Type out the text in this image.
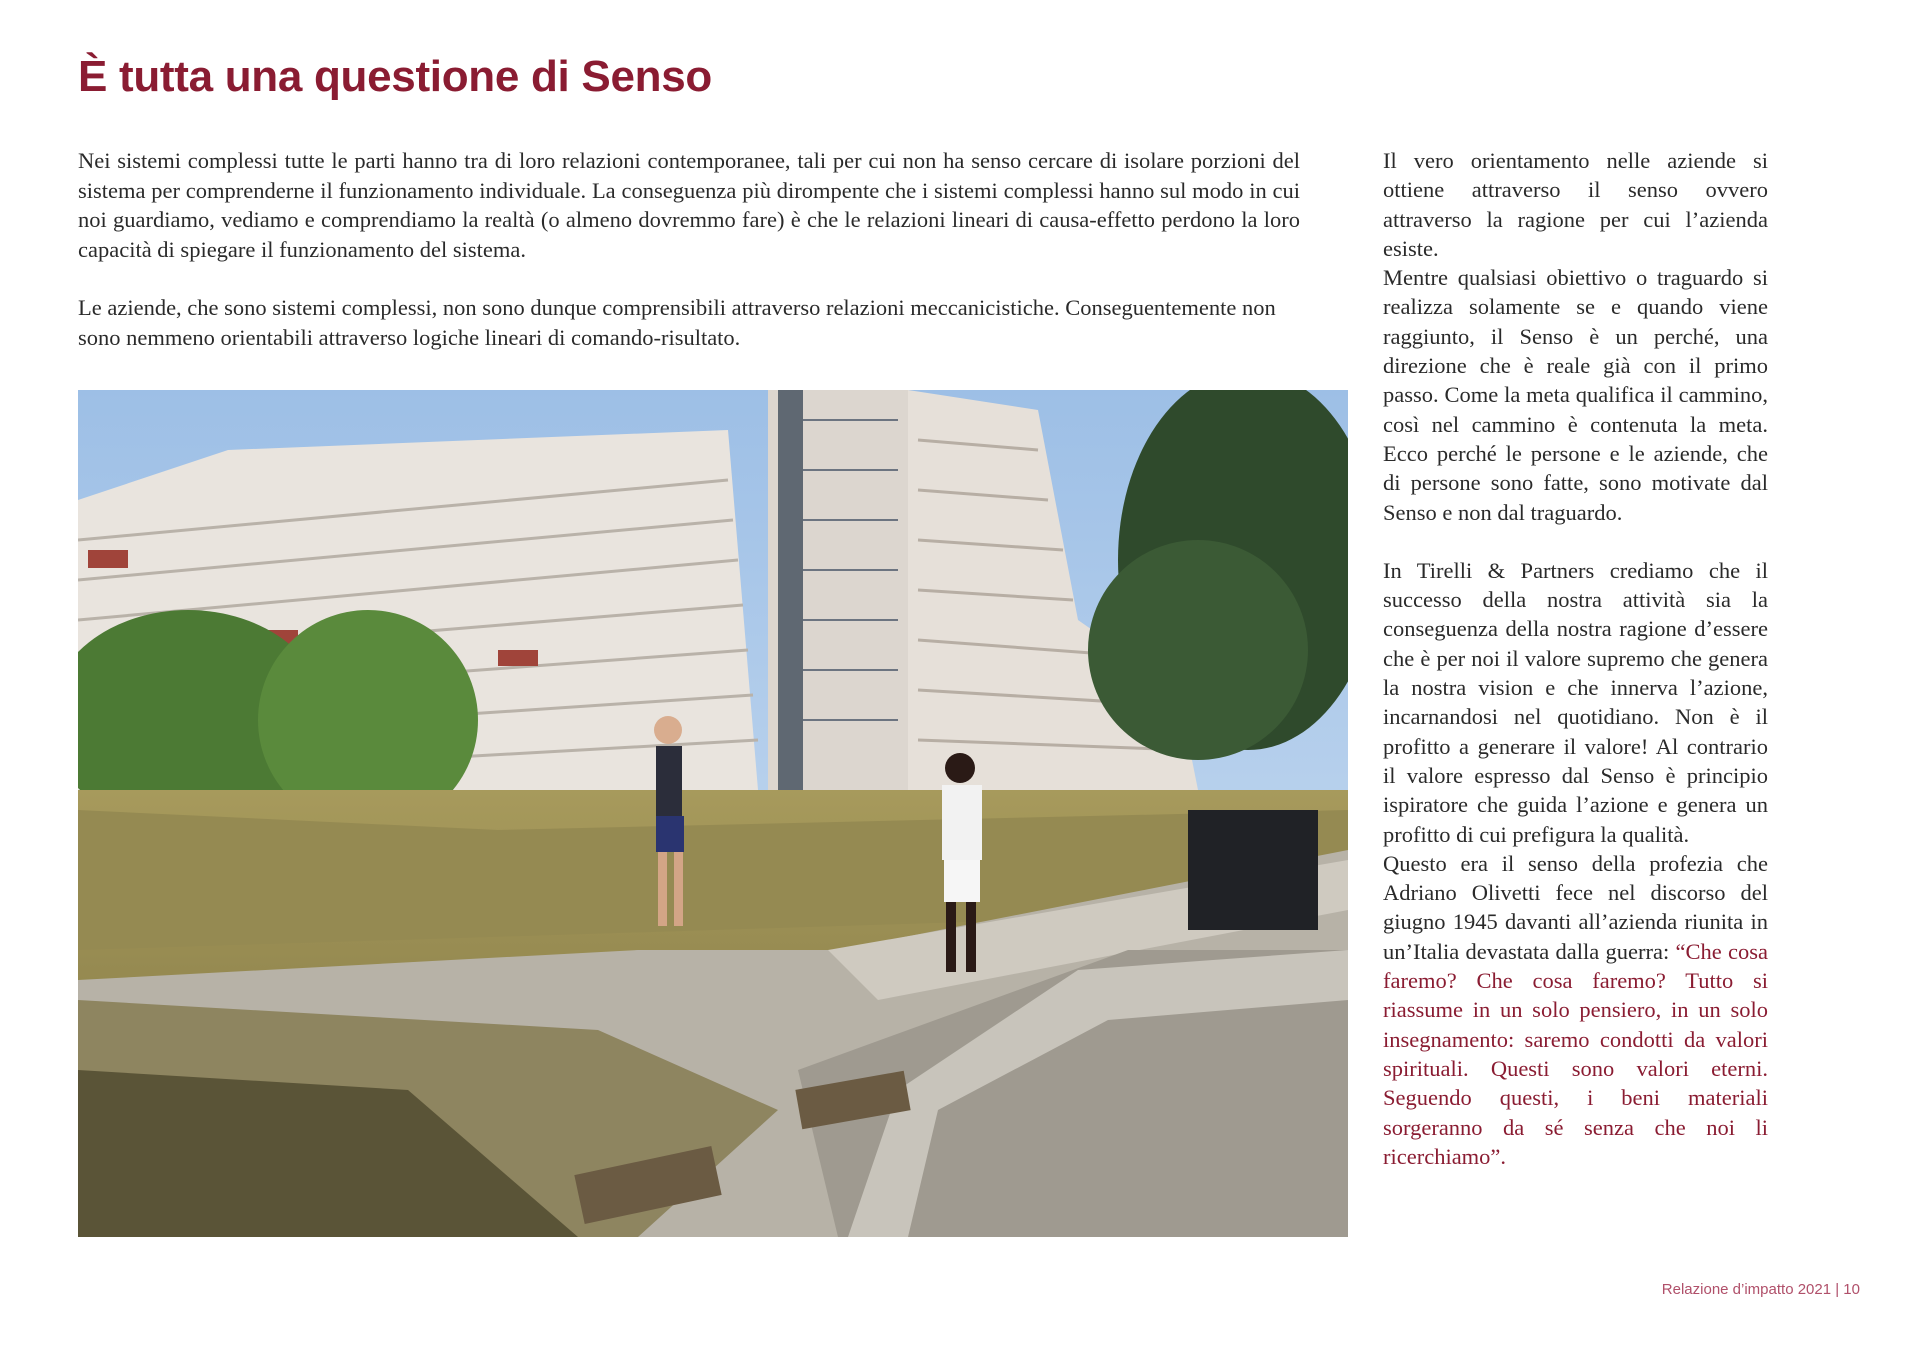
È tutta una questione di Senso

Nei sistemi complessi tutte le parti hanno tra di loro relazioni contemporanee, tali per cui non ha senso cercare di isolare porzioni del sistema per comprenderne il funzionamento individuale. La conseguenza più dirompente che i sistemi complessi hanno sul modo in cui noi guardiamo, vediamo e comprendiamo la realtà (o almeno dovremmo fare) è che le relazioni lineari di causa-effetto perdono la loro capacità di spiegare il funzionamento del sistema.

Le aziende, che sono sistemi complessi, non sono dunque comprensibili attraverso relazioni meccanicistiche. Conseguentemente non sono nemmeno orientabili attraverso logiche lineari di comando-risultato.

Il vero orientamento nelle aziende si ottiene attraverso il senso ovvero attraverso la ragione per cui l’azienda esiste.

Mentre qualsiasi obiettivo o traguardo si realizza solamente se e quando viene raggiunto, il Senso è un perché, una direzione che è reale già con il primo passo. Come la meta qualifica il cammino, così nel cammino è contenuta la meta. Ecco perché le persone e le aziende, che di persone sono fatte, sono motivate dal Senso e non dal traguardo.

In Tirelli & Partners crediamo che il successo della nostra attività sia la conseguenza della nostra ragione d’essere che è per noi il valore supremo che genera la nostra vision e che innerva l’azione, incarnandosi nel quotidiano. Non è il profitto a generare il valore! Al contrario il valore espresso dal Senso è principio ispiratore che guida l’azione e genera un profitto di cui prefigura la qualità.

Questo era il senso della profezia che Adriano Olivetti fece nel discorso del giugno 1945 davanti all’azienda riunita in un’Italia devastata dalla guerra: “Che cosa faremo? Che cosa faremo? Tutto si riassume in un solo pensiero, in un solo insegnamento: saremo condotti da valori spirituali. Questi sono valori eterni. Seguendo questi, i beni materiali sorgeranno da sé senza che noi li ricerchiamo”.

Relazione d’impatto 2021 | 10
